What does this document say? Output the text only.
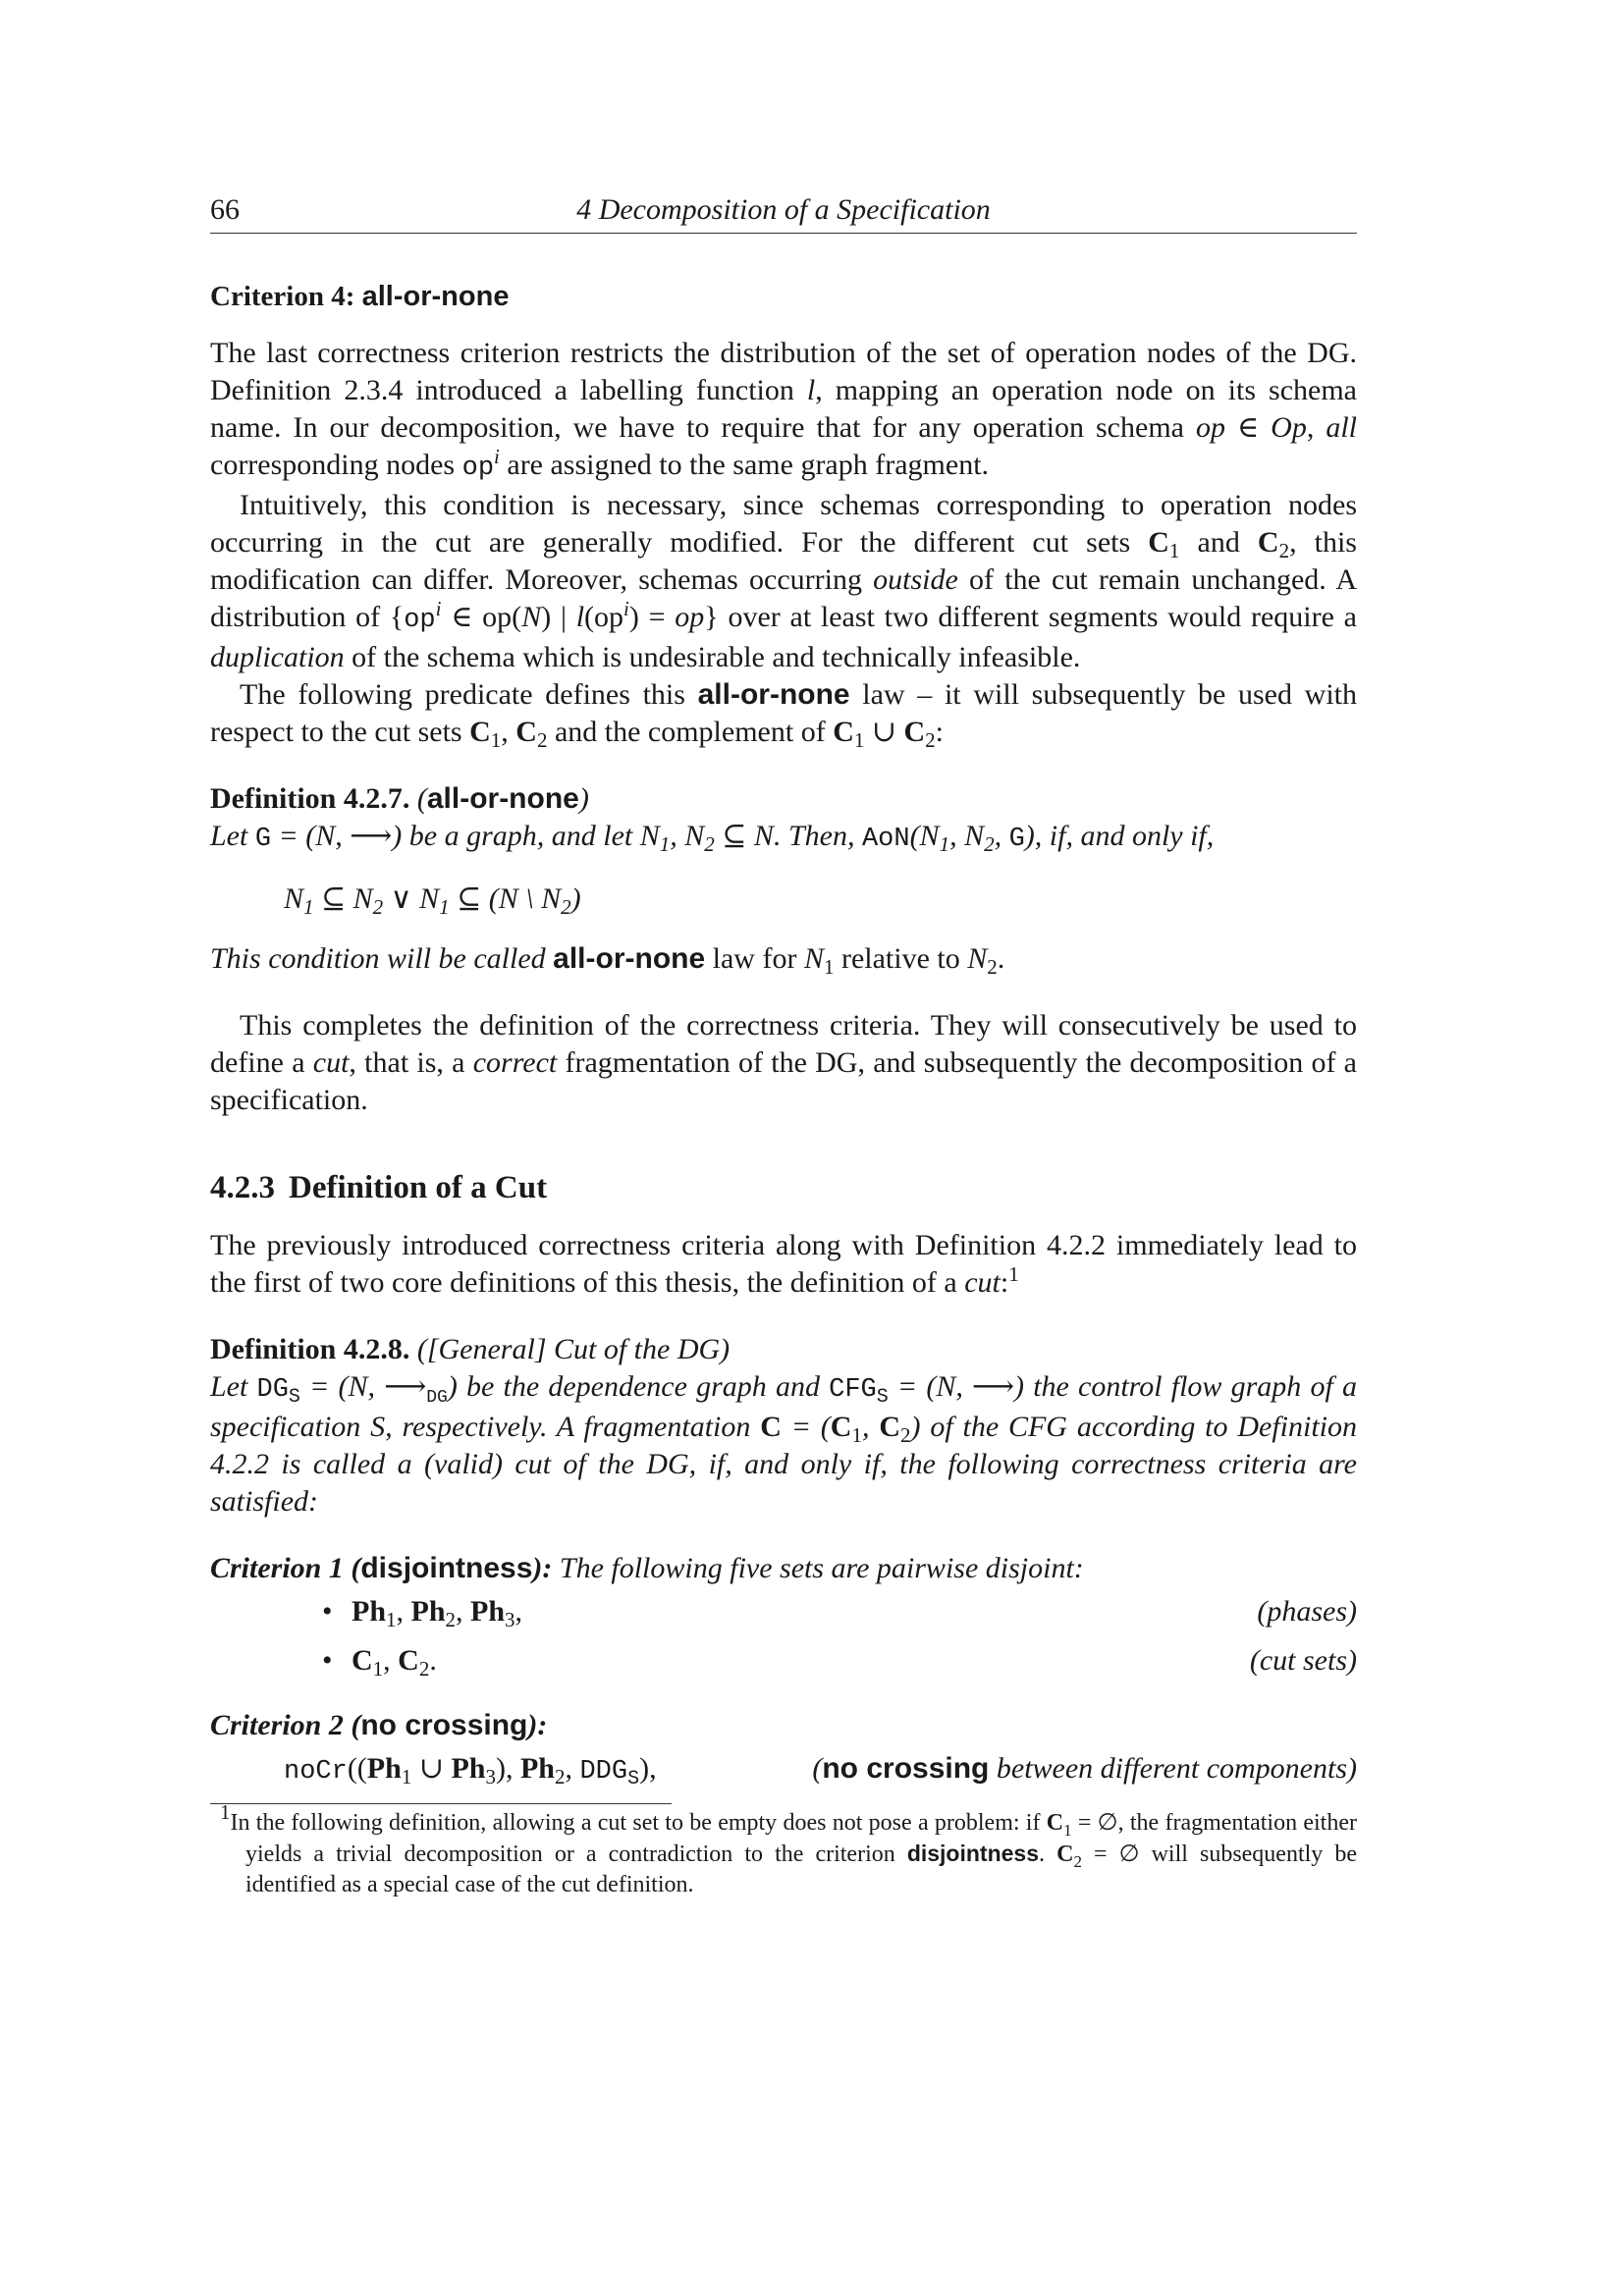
66	4 Decomposition of a Specification
Criterion 4: all-or-none

The last correctness criterion restricts the distribution of the set of operation nodes of the DG. Definition 2.3.4 introduced a labelling function l, mapping an operation node on its schema name. In our decomposition, we have to require that for any operation schema op ∈ Op, all corresponding nodes $op^i$ are assigned to the same graph fragment.

Intuitively, this condition is necessary, since schemas corresponding to operation nodes occurring in the cut are generally modified. For the different cut sets $C_1$ and $C_2$, this modification can differ. Moreover, schemas occurring outside of the cut remain unchanged. A distribution of {$op^i$ ∈ op(N) | $l(op^i) = op$} over at least two different segments would require a duplication of the schema which is undesirable and technically infeasible.

The following predicate defines this all-or-none law – it will subsequently be used with respect to the cut sets $C_1$, $C_2$ and the complement of $C_1$ ∪ $C_2$:

Definition 4.2.7. (all-or-none)

Let G = (N, ⟶) be a graph, and let $N_1$, $N_2$ ⊆ N. Then, $AoN(N_1$, $N_2$, G), if, and only if,

$N_1$ ⊆ $N_2$ ∨ $N_1$ ⊆ (N \ $N_2$)

This condition will be called all-or-none law for $N_1$ relative to $N_2$.

This completes the definition of the correctness criteria. They will consecutively be used to define a cut, that is, a correct fragmentation of the DG, and subsequently the decomposition of a specification.

4.2.3 Definition of a Cut

The previously introduced correctness criteria along with Definition 4.2.2 immediately lead to the first of two core definitions of this thesis, the definition of a cut:$^1$

Definition 4.2.8. ([General] Cut of the DG)

Let $DG_S = (N$, $⟶_{DG}$) be the dependence graph and $CFG_S = (N$, ⟶) the control flow graph of a specification S, respectively. A fragmentation $C = (C_1$, $C_2$) of the CFG according to Definition 4.2.2 is called a (valid) cut of the DG, if, and only if, the following correctness criteria are satisfied:

Criterion 1 (disjointness): The following five sets are pairwise disjoint:

• $Ph_1$, $Ph_2$, $Ph_3$,	(phases)
• $C_1$, $C_2$.	(cut sets)

Criterion 2 (no crossing):

$noCr((Ph_1$ ∪ $Ph_3$), $Ph_2$, $DDG_S$),	(no crossing between different components)

$^1$In the following definition, allowing a cut set to be empty does not pose a problem: if $C_1$ = ∅, the fragmentation either yields a trivial decomposition or a contradiction to the criterion disjointness. $C_2$ = ∅ will subsequently be identified as a special case of the cut definition.
